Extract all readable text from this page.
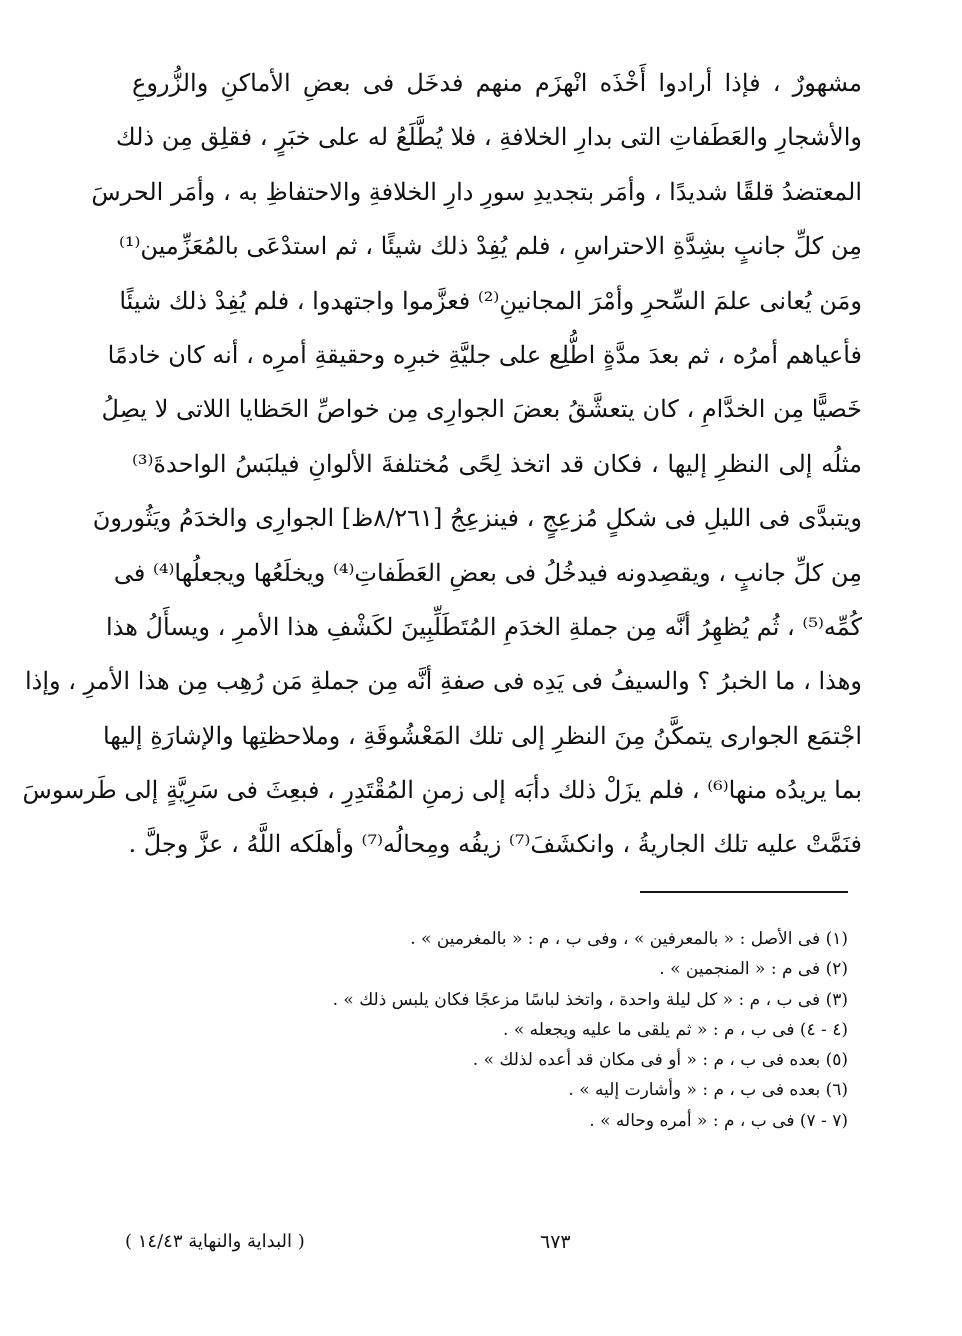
مشهورٌ ، فإذا أرادوا أَخْذَه انْهزَم منهم فدخَل فى بعضِ الأماكنِ والزُّروعِ
والأشجارِ والعَطَفاتِ التى بدارِ الخلافةِ ، فلا يُطَّلَعُ له على خبَرٍ ، فقلِق مِن ذلك
المعتضدُ قلقًا شديدًا ، وأمَر بتجديدِ سورِ دارِ الخلافةِ والاحتفاظِ به ، وأمَر الحرسَ
مِن كلِّ جانبٍ بشِدَّةِ الاحتراسِ ، فلم يُفِدْ ذلك شيئًا ، ثم استدْعَى بالمُعَزِّمين⁽¹⁾
ومَن يُعانى علمَ السِّحرِ وأمْرَ المجانينِ⁽²⁾ فعزَّموا واجتهدوا ، فلم يُفِدْ ذلك شيئًا
فأعياهم أمرُه ، ثم بعدَ مدَّةٍ اطُّلِع على جليَّةِ خبرِه وحقيقةِ أمرِه ، أنه كان خادمًا
خَصيًّا مِن الخدَّامِ ، كان يتعشَّقُ بعضَ الجوارِى مِن خواصِّ الحَظايا اللاتى لا يصِلُ
مثلُه إلى النظرِ إليها ، فكان قد اتخذ لِحًى مُختلفةَ الألوانِ فيلبَسُ الواحدةَ⁽³⁾
ويتبدَّى فى الليلِ فى شكلٍ مُزعِجٍ ، فينزعِجُ [٨/٢٦١ظ] الجوارِى والخدَمُ ويَثُورونَ
مِن كلِّ جانبٍ ، ويقصِدونه فيدخُلُ فى بعضِ العَطَفاتِ⁽⁴⁾ ويخلَعُها ويجعلُها⁽⁴⁾ فى
كُمِّه⁽⁵⁾ ، ثُم يُظهِرُ أنَّه مِن جملةِ الخدَمِ المُتَطَلِّبِينَ لكَشْفِ هذا الأمرِ ، ويسأَلُ هذا
وهذا ، ما الخبرُ ؟ والسيفُ فى يَدِه فى صفةِ أنَّه مِن جملةِ مَن رُهِب مِن هذا الأمرِ ، وإذا
اجْتمَع الجوارى يتمكَّنُ مِنَ النظرِ إلى تلك المَعْشُوقَةِ ، وملاحظتِها والإشارَةِ إليها
بما يريدُه منها⁽⁶⁾ ، فلم يزَلْ ذلك دأبَه إلى زمنِ المُقْتَدِرِ ، فبعِثَ فى سَرِيَّةٍ إلى طَرسوسَ
فنَمَّتْ عليه تلك الجاريةُ ، وانكشَفَ⁽⁷⁾ زيفُه ومِحالُه⁽⁷⁾ وأهلَكه اللَّهُ ، عزَّ وجلَّ .
(١) فى الأصل : « بالمعرفين » ، وفى ب ، م : « بالمغرمين » .
(٢) فى م : « المنجمين » .
(٣) فى ب ، م : « كل ليلة واحدة ، واتخذ لباسًا مزعجًا فكان يلبس ذلك » .
(٤ - ٤) فى ب ، م : « ثم يلقى ما عليه ويجعله » .
(٥) بعده فى ب ، م : « أو فى مكان قد أعده لذلك » .
(٦) بعده فى ب ، م : « وأشارت إليه » .
(٧ - ٧) فى ب ، م : « أمره وحاله » .
٦٧٣
( البداية والنهاية ١٤/٤٣ )
